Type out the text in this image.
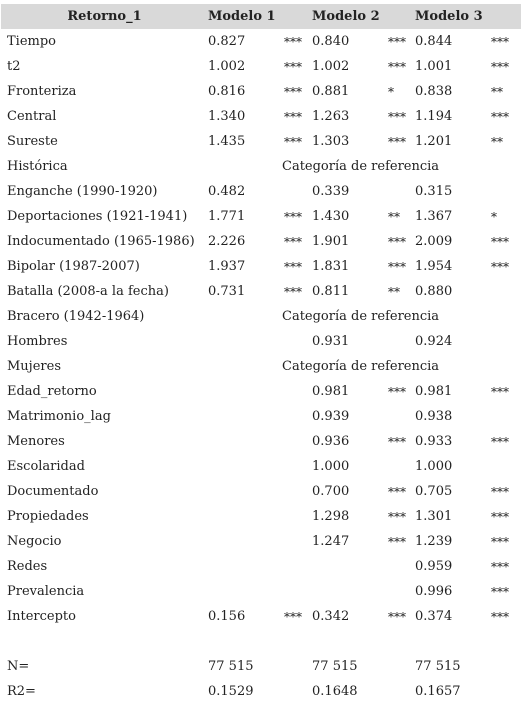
Retorno_1	Modelo 1		Modelo 2		Modelo 3	
Tiempo	0.827	***	0.840	***	0.844	***
t2	1.002	***	1.002	***	1.001	***
Fronteriza	0.816	***	0.881	*	0.838	**
Central	1.340	***	1.263	***	1.194	***
Sureste	1.435	***	1.303	***	1.201	**
Histórica		Categoría de referencia				
Enganche (1990-1920)	0.482		0.339		0.315	
Deportaciones (1921-1941)	1.771	***	1.430	**	1.367	*
Indocumentado (1965-1986)	2.226	***	1.901	***	2.009	***
Bipolar (1987-2007)	1.937	***	1.831	***	1.954	***
Batalla (2008-a la fecha)	0.731	***	0.811	**	0.880	
Bracero (1942-1964)		Categoría de referencia				
Hombres			0.931		0.924	
Mujeres		Categoría de referencia				
Edad_retorno			0.981	***	0.981	***
Matrimonio_lag			0.939		0.938	
Menores			0.936	***	0.933	***
Escolaridad			1.000		1.000	
Documentado			0.700	***	0.705	***
Propiedades			1.298	***	1.301	***
Negocio			1.247	***	1.239	***
Redes					0.959	***
Prevalencia					0.996	***
Intercepto	0.156	***	0.342	***	0.374	***

N=	77 515		77 515		77 515	
R2=	0.1529		0.1648		0.1657	
